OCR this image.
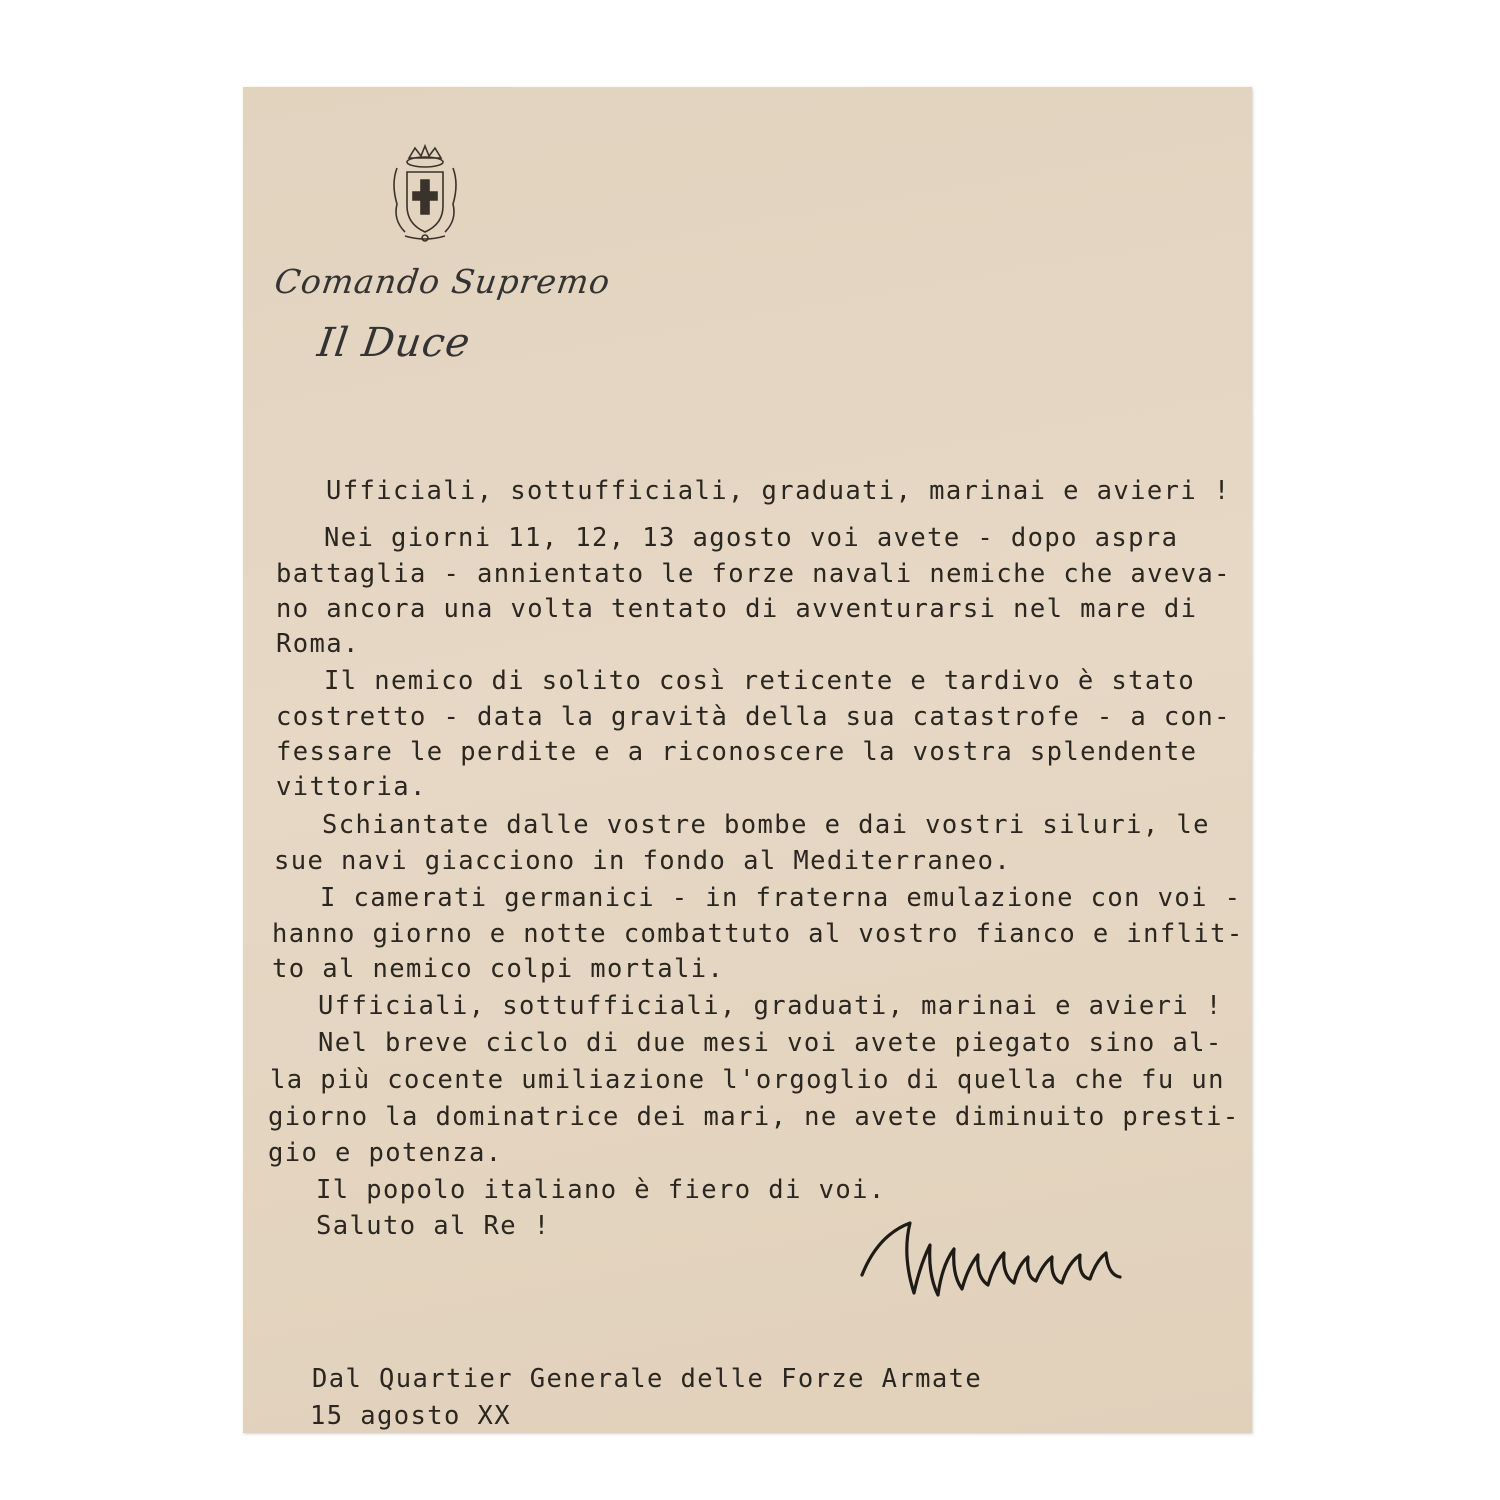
Comando Supremo
Il Duce
Ufficiali, sottufficiali, graduati, marinai e avieri !
Nei giorni 11, 12, 13 agosto voi avete - dopo aspra
battaglia - annientato le forze navali nemiche che aveva-
no ancora una volta tentato di avventurarsi nel mare di
Roma.
Il nemico di solito così reticente e tardivo è stato
costretto - data la gravità della sua catastrofe - a con-
fessare le perdite e a riconoscere la vostra splendente
vittoria.
Schiantate dalle vostre bombe e dai vostri siluri, le
sue navi giacciono in fondo al Mediterraneo.
I camerati germanici - in fraterna emulazione con voi -
hanno giorno e notte combattuto al vostro fianco e inflit-
to al nemico colpi mortali.
Ufficiali, sottufficiali, graduati, marinai e avieri !
Nel breve ciclo di due mesi voi avete piegato sino al-
la più cocente umiliazione l'orgoglio di quella che fu un
giorno la dominatrice dei mari, ne avete diminuito presti-
gio e potenza.
Il popolo italiano è fiero di voi.
Saluto al Re !
Dal Quartier Generale delle Forze Armate
15 agosto XX
